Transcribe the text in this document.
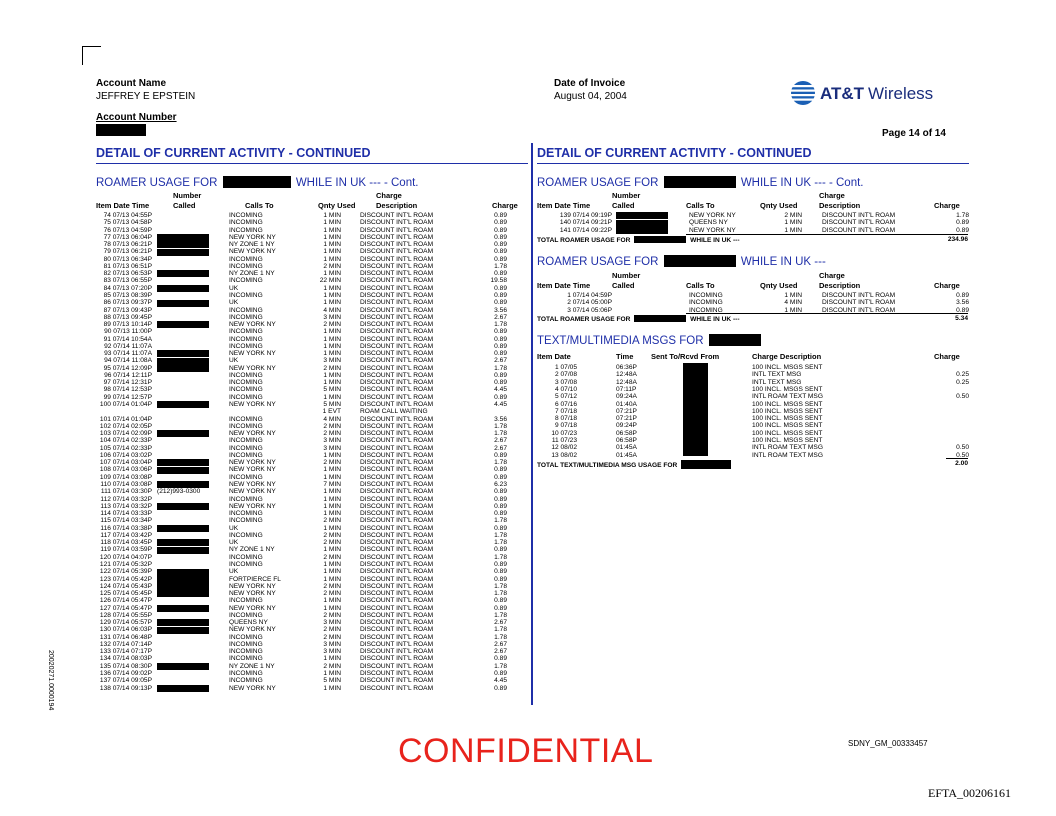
Account Name
JEFFREY E EPSTEIN
Account Number
Date of Invoice
August 04, 2004	AT&T Wireless
Page 14 of 14
DETAIL OF CURRENT ACTIVITY - CONTINUED	DETAIL OF CURRENT ACTIVITY - CONTINUED
ROAMER USAGE FOR	WHILE IN UK --- - Cont.
Number	Charge
Item Date Time	Called	Calls To	Qnty Used	Description	Charge
74 07/13 04:55P	INCOMING	1 MIN	DISCOUNT INT'L ROAM	0.89
75 07/13 04:58P	INCOMING	1 MIN	DISCOUNT INT'L ROAM	0.89
76 07/13 04:59P	INCOMING	1 MIN	DISCOUNT INT'L ROAM	0.89
77 07/13 06:04P	NEW YORK NY	1 MIN	DISCOUNT INT'L ROAM	0.89
78 07/13 06:21P	NY ZONE 1 NY	1 MIN	DISCOUNT INT'L ROAM	0.89
79 07/13 06:21P	NEW YORK NY	1 MIN	DISCOUNT INT'L ROAM	0.89
80 07/13 06:34P	INCOMING	1 MIN	DISCOUNT INT'L ROAM	0.89
81 07/13 06:51P	INCOMING	2 MIN	DISCOUNT INT'L ROAM	1.78
82 07/13 06:53P	NY ZONE 1 NY	1 MIN	DISCOUNT INT'L ROAM	0.89
83 07/13 06:55P	INCOMING	22 MIN	DISCOUNT INT'L ROAM	19.58
84 07/13 07:20P	UK	1 MIN	DISCOUNT INT'L ROAM	0.89
85 07/13 08:39P	INCOMING	1 MIN	DISCOUNT INT'L ROAM	0.89
86 07/13 09:37P	UK	1 MIN	DISCOUNT INT'L ROAM	0.89
87 07/13 09:43P	INCOMING	4 MIN	DISCOUNT INT'L ROAM	3.56
88 07/13 09:45P	INCOMING	3 MIN	DISCOUNT INT'L ROAM	2.67
89 07/13 10:14P	NEW YORK NY	2 MIN	DISCOUNT INT'L ROAM	1.78
90 07/13 11:00P	INCOMING	1 MIN	DISCOUNT INT'L ROAM	0.89
91 07/14 10:54A	INCOMING	1 MIN	DISCOUNT INT'L ROAM	0.89
92 07/14 11:07A	INCOMING	1 MIN	DISCOUNT INT'L ROAM	0.89
93 07/14 11:07A	NEW YORK NY	1 MIN	DISCOUNT INT'L ROAM	0.89
94 07/14 11:08A	UK	3 MIN	DISCOUNT INT'L ROAM	2.67
95 07/14 12:09P	NEW YORK NY	2 MIN	DISCOUNT INT'L ROAM	1.78
96 07/14 12:11P	INCOMING	1 MIN	DISCOUNT INT'L ROAM	0.89
97 07/14 12:31P	INCOMING	1 MIN	DISCOUNT INT'L ROAM	0.89
98 07/14 12:53P	INCOMING	5 MIN	DISCOUNT INT'L ROAM	4.45
99 07/14 12:57P	INCOMING	1 MIN	DISCOUNT INT'L ROAM	0.89
100 07/14 01:04P	NEW YORK NY	5 MIN	DISCOUNT INT'L ROAM	4.45
1 EVT	ROAM CALL WAITING
101 07/14 01:04P	INCOMING	4 MIN	DISCOUNT INT'L ROAM	3.56
102 07/14 02:05P	INCOMING	2 MIN	DISCOUNT INT'L ROAM	1.78
103 07/14 02:09P	NEW YORK NY	2 MIN	DISCOUNT INT'L ROAM	1.78
104 07/14 02:33P	INCOMING	3 MIN	DISCOUNT INT'L ROAM	2.67
105 07/14 02:33P	INCOMING	3 MIN	DISCOUNT INT'L ROAM	2.67
106 07/14 03:02P	INCOMING	1 MIN	DISCOUNT INT'L ROAM	0.89
107 07/14 03:04P	NEW YORK NY	2 MIN	DISCOUNT INT'L ROAM	1.78
108 07/14 03:06P	NEW YORK NY	1 MIN	DISCOUNT INT'L ROAM	0.89
109 07/14 03:08P	INCOMING	1 MIN	DISCOUNT INT'L ROAM	0.89
110 07/14 03:08P	NEW YORK NY	7 MIN	DISCOUNT INT'L ROAM	6.23
111 07/14 03:30P (212)993-0300	NEW YORK NY	1 MIN	DISCOUNT INT'L ROAM	0.89
112 07/14 03:32P	INCOMING	1 MIN	DISCOUNT INT'L ROAM	0.89
113 07/14 03:32P	NEW YORK NY	1 MIN	DISCOUNT INT'L ROAM	0.89
114 07/14 03:33P	INCOMING	1 MIN	DISCOUNT INT'L ROAM	0.89
115 07/14 03:34P	INCOMING	2 MIN	DISCOUNT INT'L ROAM	1.78
116 07/14 03:38P	UK	1 MIN	DISCOUNT INT'L ROAM	0.89
117 07/14 03:42P	INCOMING	2 MIN	DISCOUNT INT'L ROAM	1.78
118 07/14 03:45P	UK	2 MIN	DISCOUNT INT'L ROAM	1.78
119 07/14 03:59P	NY ZONE 1 NY	1 MIN	DISCOUNT INT'L ROAM	0.89
120 07/14 04:07P	INCOMING	2 MIN	DISCOUNT INT'L ROAM	1.78
121 07/14 05:32P	INCOMING	1 MIN	DISCOUNT INT'L ROAM	0.89
122 07/14 05:39P	UK	1 MIN	DISCOUNT INT'L ROAM	0.89
123 07/14 05:42P	FORTPIERCE FL	1 MIN	DISCOUNT INT'L ROAM	0.89
124 07/14 05:43P	NEW YORK NY	2 MIN	DISCOUNT INT'L ROAM	1.78
125 07/14 05:45P	NEW YORK NY	2 MIN	DISCOUNT INT'L ROAM	1.78
126 07/14 05:47P	INCOMING	1 MIN	DISCOUNT INT'L ROAM	0.89
127 07/14 05:47P	NEW YORK NY	1 MIN	DISCOUNT INT'L ROAM	0.89
128 07/14 05:55P	INCOMING	2 MIN	DISCOUNT INT'L ROAM	1.78
129 07/14 05:57P	QUEENS NY	3 MIN	DISCOUNT INT'L ROAM	2.67
130 07/14 06:03P	NEW YORK NY	2 MIN	DISCOUNT INT'L ROAM	1.78
131 07/14 06:48P	INCOMING	2 MIN	DISCOUNT INT'L ROAM	1.78
132 07/14 07:14P	INCOMING	3 MIN	DISCOUNT INT'L ROAM	2.67
133 07/14 07:17P	INCOMING	3 MIN	DISCOUNT INT'L ROAM	2.67
134 07/14 08:03P	INCOMING	1 MIN	DISCOUNT INT'L ROAM	0.89
135 07/14 08:30P	NY ZONE 1 NY	2 MIN	DISCOUNT INT'L ROAM	1.78
136 07/14 09:02P	INCOMING	1 MIN	DISCOUNT INT'L ROAM	0.89
137 07/14 09:05P	INCOMING	5 MIN	DISCOUNT INT'L ROAM	4.45
138 07/14 09:13P	NEW YORK NY	1 MIN	DISCOUNT INT'L ROAM	0.89
ROAMER USAGE FOR	WHILE IN UK --- - Cont.
Number	Charge
Item Date Time	Called	Calls To	Qnty Used	Description	Charge
139 07/14 09:19P	NEW YORK NY	2 MIN	DISCOUNT INT'L ROAM	1.78
140 07/14 09:21P	QUEENS NY	1 MIN	DISCOUNT INT'L ROAM	0.89
141 07/14 09:22P	NEW YORK NY	1 MIN	DISCOUNT INT'L ROAM	0.89
TOTAL ROAMER USAGE FOR	WHILE IN UK ---	234.96
ROAMER USAGE FOR	WHILE IN UK ---
Number	Charge
Item Date Time	Called	Calls To	Qnty Used	Description	Charge
1 07/14 04:59P	INCOMING	1 MIN	DISCOUNT INT'L ROAM	0.89
2 07/14 05:00P	INCOMING	4 MIN	DISCOUNT INT'L ROAM	3.56
3 07/14 05:06P	INCOMING	1 MIN	DISCOUNT INT'L ROAM	0.89
TOTAL ROAMER USAGE FOR	WHILE IN UK ---	5.34
TEXT/MULTIMEDIA MSGS FOR
Item Date	Time Sent To/Rcvd From	Charge Description	Charge
1 07/05	06:36P	100 INCL. MSGS SENT
2 07/08	12:48A	INTL TEXT MSG	0.25
3 07/08	12:48A	INTL TEXT MSG	0.25
4 07/10	07:11P	100 INCL. MSGS SENT
5 07/12	09:24A	INTL ROAM TEXT MSG	0.50
6 07/16	01:40A	100 INCL. MSGS SENT
7 07/18	07:21P	100 INCL. MSGS SENT
8 07/18	07:21P	100 INCL. MSGS SENT
9 07/18	09:24P	100 INCL. MSGS SENT
10 07/23	06:58P	100 INCL. MSGS SENT
11 07/23	06:58P	100 INCL. MSGS SENT
12 08/02	01:45A	INTL ROAM TEXT MSG	0.50
13 08/02	01:45A	INTL ROAM TEXT MSG	0.50
TOTAL TEXT/MULTIMEDIA MSG USAGE FOR	2.00
CONFIDENTIAL	SDNY_GM_00333457
EFTA_00206161
20020271.0000194
